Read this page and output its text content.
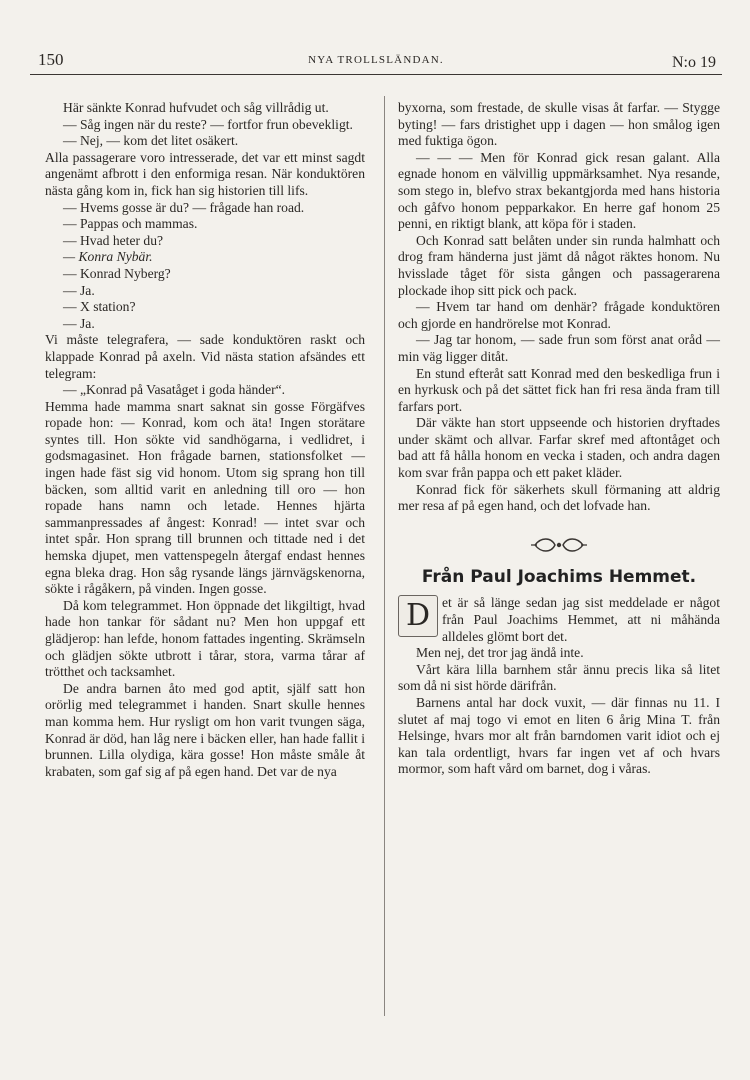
150	NYA TROLLSLÄNDAN.	N:o 19

Här sänkte Konrad hufvudet och såg villrådig ut.

— Såg ingen när du reste? — fortfor frun obevekligt.

— Nej, — kom det litet osäkert.

Alla passagerare voro intresserade, det var ett minst sagdt angenämt afbrott i den enformiga resan. När konduktören nästa gång kom in, fick han sig historien till lifs.

— Hvems gosse är du? — frågade han road.

— Pappas och mammas.

— Hvad heter du?

— Konra Nybär.

— Konrad Nyberg?

— Ja.

— X station?

— Ja.

Vi måste telegrafera, — sade konduktören raskt och klappade Konrad på axeln. Vid nästa station afsändes ett telegram:

— „Konrad på Vasatåget i goda händer“.

Hemma hade mamma snart saknat sin gosse Förgäfves ropade hon: — Konrad, kom och äta! Ingen storätare syntes till. Hon sökte vid sandhögarna, i vedlidret, i godsmagasinet. Hon frågade barnen, stationsfolket — ingen hade fäst sig vid honom. Utom sig sprang hon till bäcken, som alltid varit en anledning till oro — hon ropade hans namn och letade. Hennes hjärta sammanpressades af ångest: Konrad! — intet svar och intet spår. Hon sprang till brunnen och tittade ned i det hemska djupet, men vattenspegeln återgaf endast hennes egna bleka drag. Hon såg rysande längs järnvägskenorna, sökte i rågåkern, på vinden. Ingen gosse.

Då kom telegrammet. Hon öppnade det likgiltigt, hvad hade hon tankar för sådant nu? Men hon uppgaf ett glädjerop: han lefde, honom fattades ingenting. Skrämseln och glädjen sökte utbrott i tårar, stora, varma tårar af trötthet och tacksamhet.

De andra barnen åto med god aptit, själf satt hon orörlig med telegrammet i handen. Snart skulle hennes man komma hem. Hur rysligt om hon varit tvungen säga, Konrad är död, han låg nere i bäcken eller, han hade fallit i brunnen. Lilla olydiga, kära gosse! Hon måste småle åt krabaten, som gaf sig af på egen hand. Det var de nya

byxorna, som frestade, de skulle visas åt farfar. — Stygge byting! — fars dristighet upp i dagen — hon smålog igen med fuktiga ögon.

— — — Men för Konrad gick resan galant. Alla egnade honom en välvillig uppmärksamhet. Nya resande, som stego in, blefvo strax bekantgjorda med hans historia och gåfvo honom pepparkakor. En herre gaf honom 25 penni, en riktigt blank, att köpa för i staden.

Och Konrad satt belåten under sin runda halmhatt och drog fram händerna just jämt då något räktes honom. Nu hvisslade tåget för sista gången och passagerarena plockade ihop sitt pick och pack.

— Hvem tar hand om denhär? frågade konduktören och gjorde en handrörelse mot Konrad.

— Jag tar honom, — sade frun som först anat oråd — min väg ligger ditåt.

En stund efteråt satt Konrad med den beskedliga frun i en hyrkusk och på det sättet fick han fri resa ända fram till farfars port.

Där väkte han stort uppseende och historien dryftades under skämt och allvar. Farfar skref med aftontåget och bad att få hålla honom en vecka i staden, och andra dagen kom svar från pappa och ett paket kläder.

Konrad fick för säkerhets skull förmaning att aldrig mer resa af på egen hand, och det lofvade han.

Från Paul Joachims Hemmet.
D et är så länge sedan jag sist meddelade er något från Paul Joachims Hemmet, att ni måhända alldeles glömt bort det.

Men nej, det tror jag ändå inte.

Vårt kära lilla barnhem står ännu precis lika så litet som då ni sist hörde därifrån.

Barnens antal har dock vuxit, — där finnas nu 11. I slutet af maj togo vi emot en liten 6 årig Mina T. från Helsinge, hvars mor alt från barndomen varit idiot och ej kan tala ordentligt, hvars far ingen vet af och hvars mormor, som haft vård om barnet, dog i våras.
